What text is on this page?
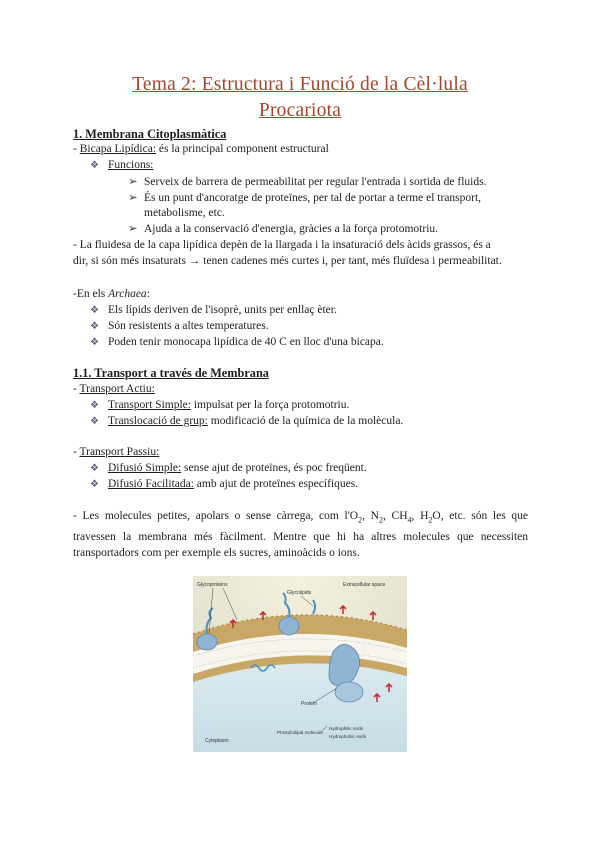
Tema 2: Estructura i Funció de la Cèl·lula
Procariota
1. Membrana Citoplasmàtica
- Bicapa Lipídica: és la principal component estructural
❖ Funcions:
➢ Serveix de barrera de permeabilitat per regular l'entrada i sortida de fluids.
➢ És un punt d'ancoratge de proteïnes, per tal de portar a terme el transport,
metabolisme, etc.
➢ Ajuda a la conservació d'energia, gràcies a la força protomotriu.
- La fluidesa de la capa lipídica depèn de la llargada i la insaturació dels àcids grassos, és a
dir, si són més insaturats → tenen cadenes més curtes i, per tant, més fluïdesa i permeabilitat.
-En els Archaea:
❖ Els lípids deriven de l'isoprè, units per enllaç èter.
❖ Són resistents a altes temperatures.
❖ Poden tenir monocapa lipídica de 40 C en lloc d'una bicapa.
1.1. Transport a través de Membrana
- Transport Actiu:
❖ Transport Simple: impulsat per la força protomotriu.
❖ Translocació de grup: modificació de la química de la molècula.
- Transport Passiu:
❖ Difusió Simple: sense ajut de proteïnes, és poc freqüent.
❖ Difusió Facilitada: amb ajut de proteïnes específiques.
- Les molecules petites, apolars o sense càrrega, com $l'O_2$, $N_2$, $CH_4$, $H_2O$, etc. són les que travessen la membrana més fàcilment. Mentre que hi ha altres molecules que necessiten transportadors com per exemple els sucres, aminoàcids o ions.
Glycoproteins
Glycolipids
Extracellular space
Protein
Cytoplasm
Phospholipid molecule
Hydrophilic ends
Hydrophobic ends
